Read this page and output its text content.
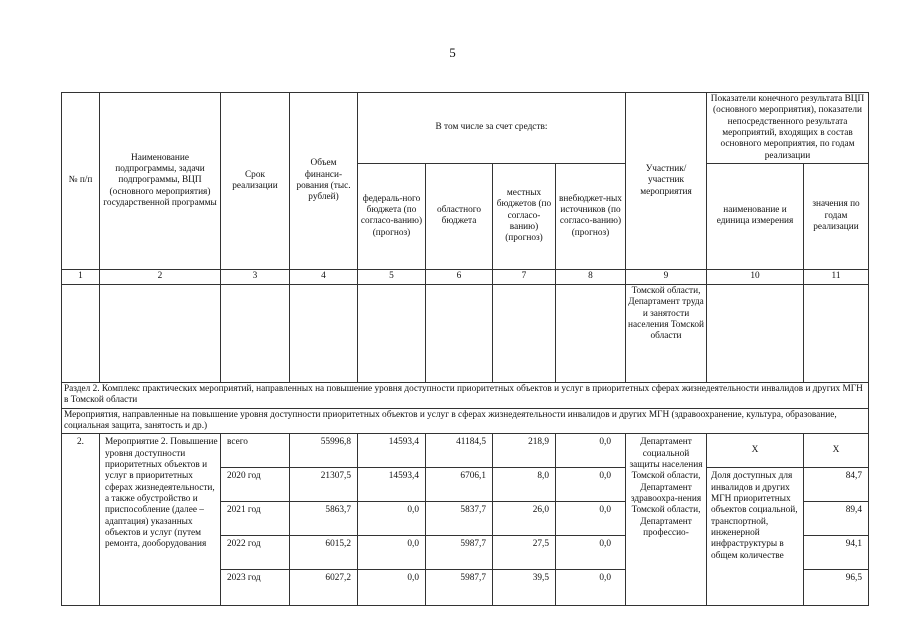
5
№ п/п	Наименование подпрограммы, задачи подпрограммы, ВЦП (основного мероприятия) государственной программы	Срок реализации	Объем финанси-рования (тыс. рублей)	В том числе за счет средств:				Участник/ участник мероприятия	Показатели конечного результата ВЦП (основного мероприятия), показатели непосредственного результата мероприятий, входящих в состав основного мероприятия, по годам реализации	
				федераль-ного бюджета (по согласо-ванию) (прогноз)	областного бюджета	местных бюджетов (по согласо-ванию) (прогноз)	внебюджет-ных источников (по согласо-ванию) (прогноз)		наименование и единица измерения	значения по годам реализации
1	2	3	4	5	6	7	8	9	10	11
								Томской области, Департамент труда и занятости населения Томской области		
Раздел 2. Комплекс практических мероприятий, направленных на повышение уровня доступности приоритетных объектов и услуг в приоритетных сферах жизнедеятельности инвалидов и других МГН в Томской области										
Мероприятия, направленные на повышение уровня доступности приоритетных объектов и услуг в сферах жизнедеятельности инвалидов и других МГН (здравоохранение, культура, образование, социальная защита, занятость и др.)										
2.	Мероприятие 2. Повышение уровня доступности приоритетных объектов и услуг в приоритетных сферах жизнедеятельности, а также обустройство и приспособление (далее – адаптация) указанных объектов и услуг (путем ремонта, дооборудования	всего	55996,8	14593,4	41184,5	218,9	0,0	Департамент социальной защиты населения Томской области, Департамент здравоохра-нения Томской области, Департамент профессио-	X	X
		2020 год	21307,5	14593,4	6706,1	8,0	0,0		Доля доступных для инвалидов и других МГН приоритетных объектов социальной, транспортной, инженерной инфраструктуры в общем количестве	84,7
		2021 год	5863,7	0,0	5837,7	26,0	0,0			89,4
		2022 год	6015,2	0,0	5987,7	27,5	0,0			94,1
		2023 год	6027,2	0,0	5987,7	39,5	0,0			96,5
